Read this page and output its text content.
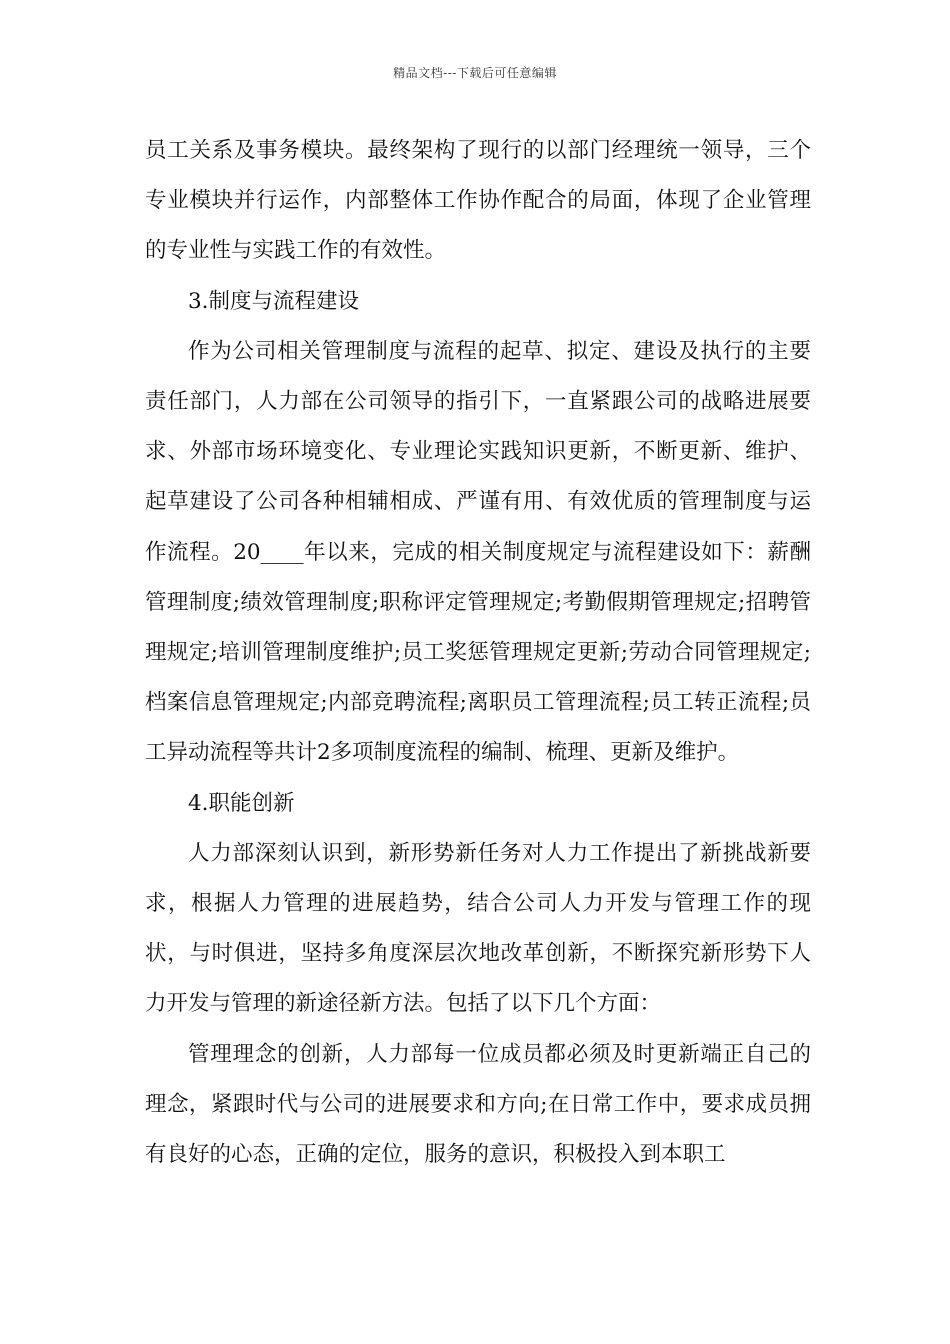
精品文档---下载后可任意编辑

员工关系及事务模块。最终架构了现行的以部门经理统一领导，三个专业模块并行运作，内部整体工作协作配合的局面，体现了企业管理的专业性与实践工作的有效性。

3.制度与流程建设

作为公司相关管理制度与流程的起草、拟定、建设及执行的主要责任部门，人力部在公司领导的指引下，一直紧跟公司的战略进展要求、外部市场环境变化、专业理论实践知识更新，不断更新、维护、起草建设了公司各种相辅相成、严谨有用、有效优质的管理制度与运作流程。20____年以来，完成的相关制度规定与流程建设如下：薪酬管理制度;绩效管理制度;职称评定管理规定;考勤假期管理规定;招聘管理规定;培训管理制度维护;员工奖惩管理规定更新;劳动合同管理规定;档案信息管理规定;内部竞聘流程;离职员工管理流程;员工转正流程;员工异动流程等共计2多项制度流程的编制、梳理、更新及维护。

4.职能创新

人力部深刻认识到，新形势新任务对人力工作提出了新挑战新要求，根据人力管理的进展趋势，结合公司人力开发与管理工作的现状，与时俱进，坚持多角度深层次地改革创新，不断探究新形势下人力开发与管理的新途径新方法。包括了以下几个方面：

管理理念的创新，人力部每一位成员都必须及时更新端正自己的理念，紧跟时代与公司的进展要求和方向;在日常工作中，要求成员拥有良好的心态，正确的定位，服务的意识，积极投入到本职工
